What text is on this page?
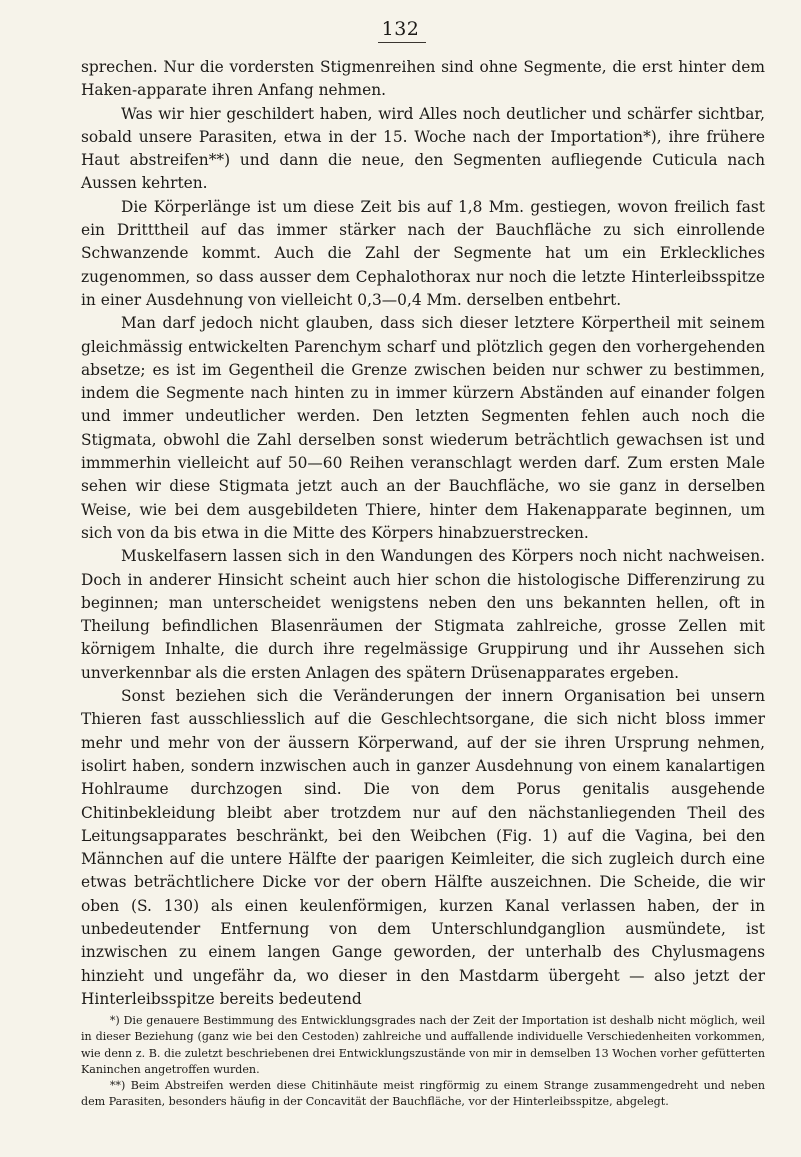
132

sprechen. Nur die vordersten Stigmenreihen sind ohne Segmente, die erst hinter dem Haken-apparate ihren Anfang nehmen.

Was wir hier geschildert haben, wird Alles noch deutlicher und schärfer sichtbar, sobald unsere Parasiten, etwa in der 15. Woche nach der Importation*), ihre frühere Haut abstreifen**) und dann die neue, den Segmenten aufliegende Cuticula nach Aussen kehrten.

Die Körperlänge ist um diese Zeit bis auf 1,8 Mm. gestiegen, wovon freilich fast ein Dritttheil auf das immer stärker nach der Bauchfläche zu sich einrollende Schwanzende kommt. Auch die Zahl der Segmente hat um ein Erkleckliches zugenommen, so dass ausser dem Cephalothorax nur noch die letzte Hinterleibsspitze in einer Ausdehnung von vielleicht 0,3—0,4 Mm. derselben entbehrt.

Man darf jedoch nicht glauben, dass sich dieser letztere Körpertheil mit seinem gleichmässig entwickelten Parenchym scharf und plötzlich gegen den vorhergehenden absetze; es ist im Gegentheil die Grenze zwischen beiden nur schwer zu bestimmen, indem die Segmente nach hinten zu in immer kürzern Abständen auf einander folgen und immer undeutlicher werden. Den letzten Segmenten fehlen auch noch die Stigmata, obwohl die Zahl derselben sonst wiederum beträchtlich gewachsen ist und immmerhin vielleicht auf 50—60 Reihen veranschlagt werden darf. Zum ersten Male sehen wir diese Stigmata jetzt auch an der Bauchfläche, wo sie ganz in derselben Weise, wie bei dem ausgebildeten Thiere, hinter dem Hakenapparate beginnen, um sich von da bis etwa in die Mitte des Körpers hinabzuerstrecken.

Muskelfasern lassen sich in den Wandungen des Körpers noch nicht nachweisen. Doch in anderer Hinsicht scheint auch hier schon die histologische Differenzirung zu beginnen; man unterscheidet wenigstens neben den uns bekannten hellen, oft in Theilung befindlichen Blasenräumen der Stigmata zahlreiche, grosse Zellen mit körnigem Inhalte, die durch ihre regelmässige Gruppirung und ihr Aussehen sich unverkennbar als die ersten Anlagen des spätern Drüsenapparates ergeben.

Sonst beziehen sich die Veränderungen der innern Organisation bei unsern Thieren fast ausschliesslich auf die Geschlechtsorgane, die sich nicht bloss immer mehr und mehr von der äussern Körperwand, auf der sie ihren Ursprung nehmen, isolirt haben, sondern inzwischen auch in ganzer Ausdehnung von einem kanalartigen Hohlraume durchzogen sind. Die von dem Porus genitalis ausgehende Chitinbekleidung bleibt aber trotzdem nur auf den nächstanliegenden Theil des Leitungsapparates beschränkt, bei den Weibchen (Fig. 1) auf die Vagina, bei den Männchen auf die untere Hälfte der paarigen Keimleiter, die sich zugleich durch eine etwas beträchtlichere Dicke vor der obern Hälfte auszeichnen. Die Scheide, die wir oben (S. 130) als einen keulenförmigen, kurzen Kanal verlassen haben, der in unbedeutender Entfernung von dem Unterschlundganglion ausmündete, ist inzwischen zu einem langen Gange geworden, der unterhalb des Chylusmagens hinzieht und ungefähr da, wo dieser in den Mastdarm übergeht — also jetzt der Hinterleibsspitze bereits bedeutend

*) Die genauere Bestimmung des Entwicklungsgrades nach der Zeit der Importation ist deshalb nicht möglich, weil in dieser Beziehung (ganz wie bei den Cestoden) zahlreiche und auffallende individuelle Verschiedenheiten vorkommen, wie denn z. B. die zuletzt beschriebenen drei Entwicklungszustände von mir in demselben 13 Wochen vorher gefütterten Kaninchen angetroffen wurden.

**) Beim Abstreifen werden diese Chitinhäute meist ringförmig zu einem Strange zusammengedreht und neben dem Parasiten, besonders häufig in der Concavität der Bauchfläche, vor der Hinterleibsspitze, abgelegt.
